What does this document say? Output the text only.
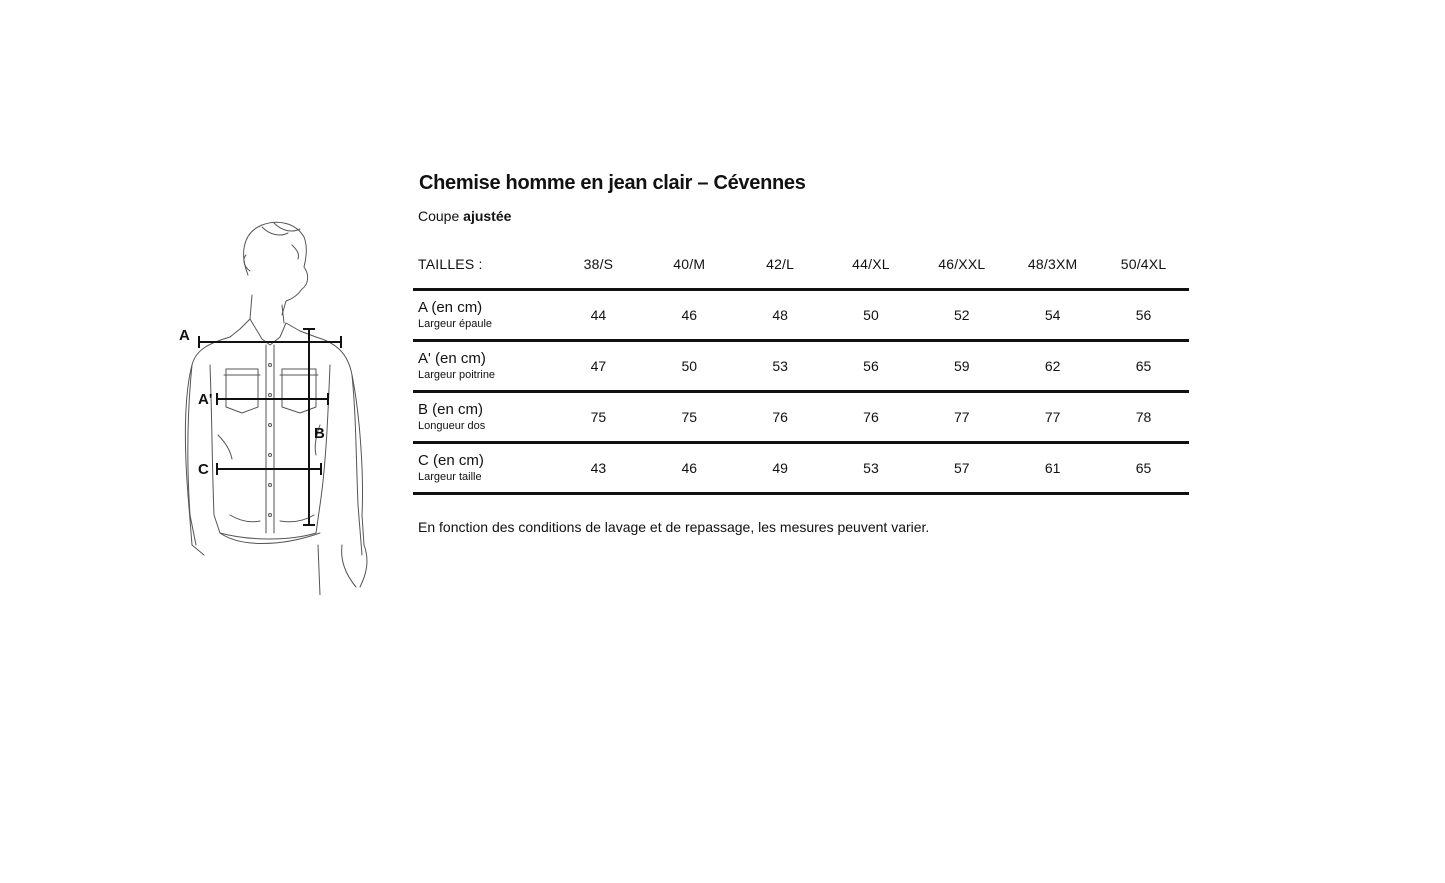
A
A'
B
C
Chemise homme en jean clair – Cévennes
Coupe ajustée
TAILLES :	38/S	40/M	42/L	44/XL	46/XXL	48/3XM	50/4XL

A (en cm)
Largeur épaule	44	46	48	50	52	54	56

A' (en cm)
Largeur poitrine	47	50	53	56	59	62	65

B (en cm)
Longueur dos	75	75	76	76	77	77	78

C (en cm)
Largeur taille	43	46	49	53	57	61	65
En fonction des conditions de lavage et de repassage, les mesures peuvent varier.
